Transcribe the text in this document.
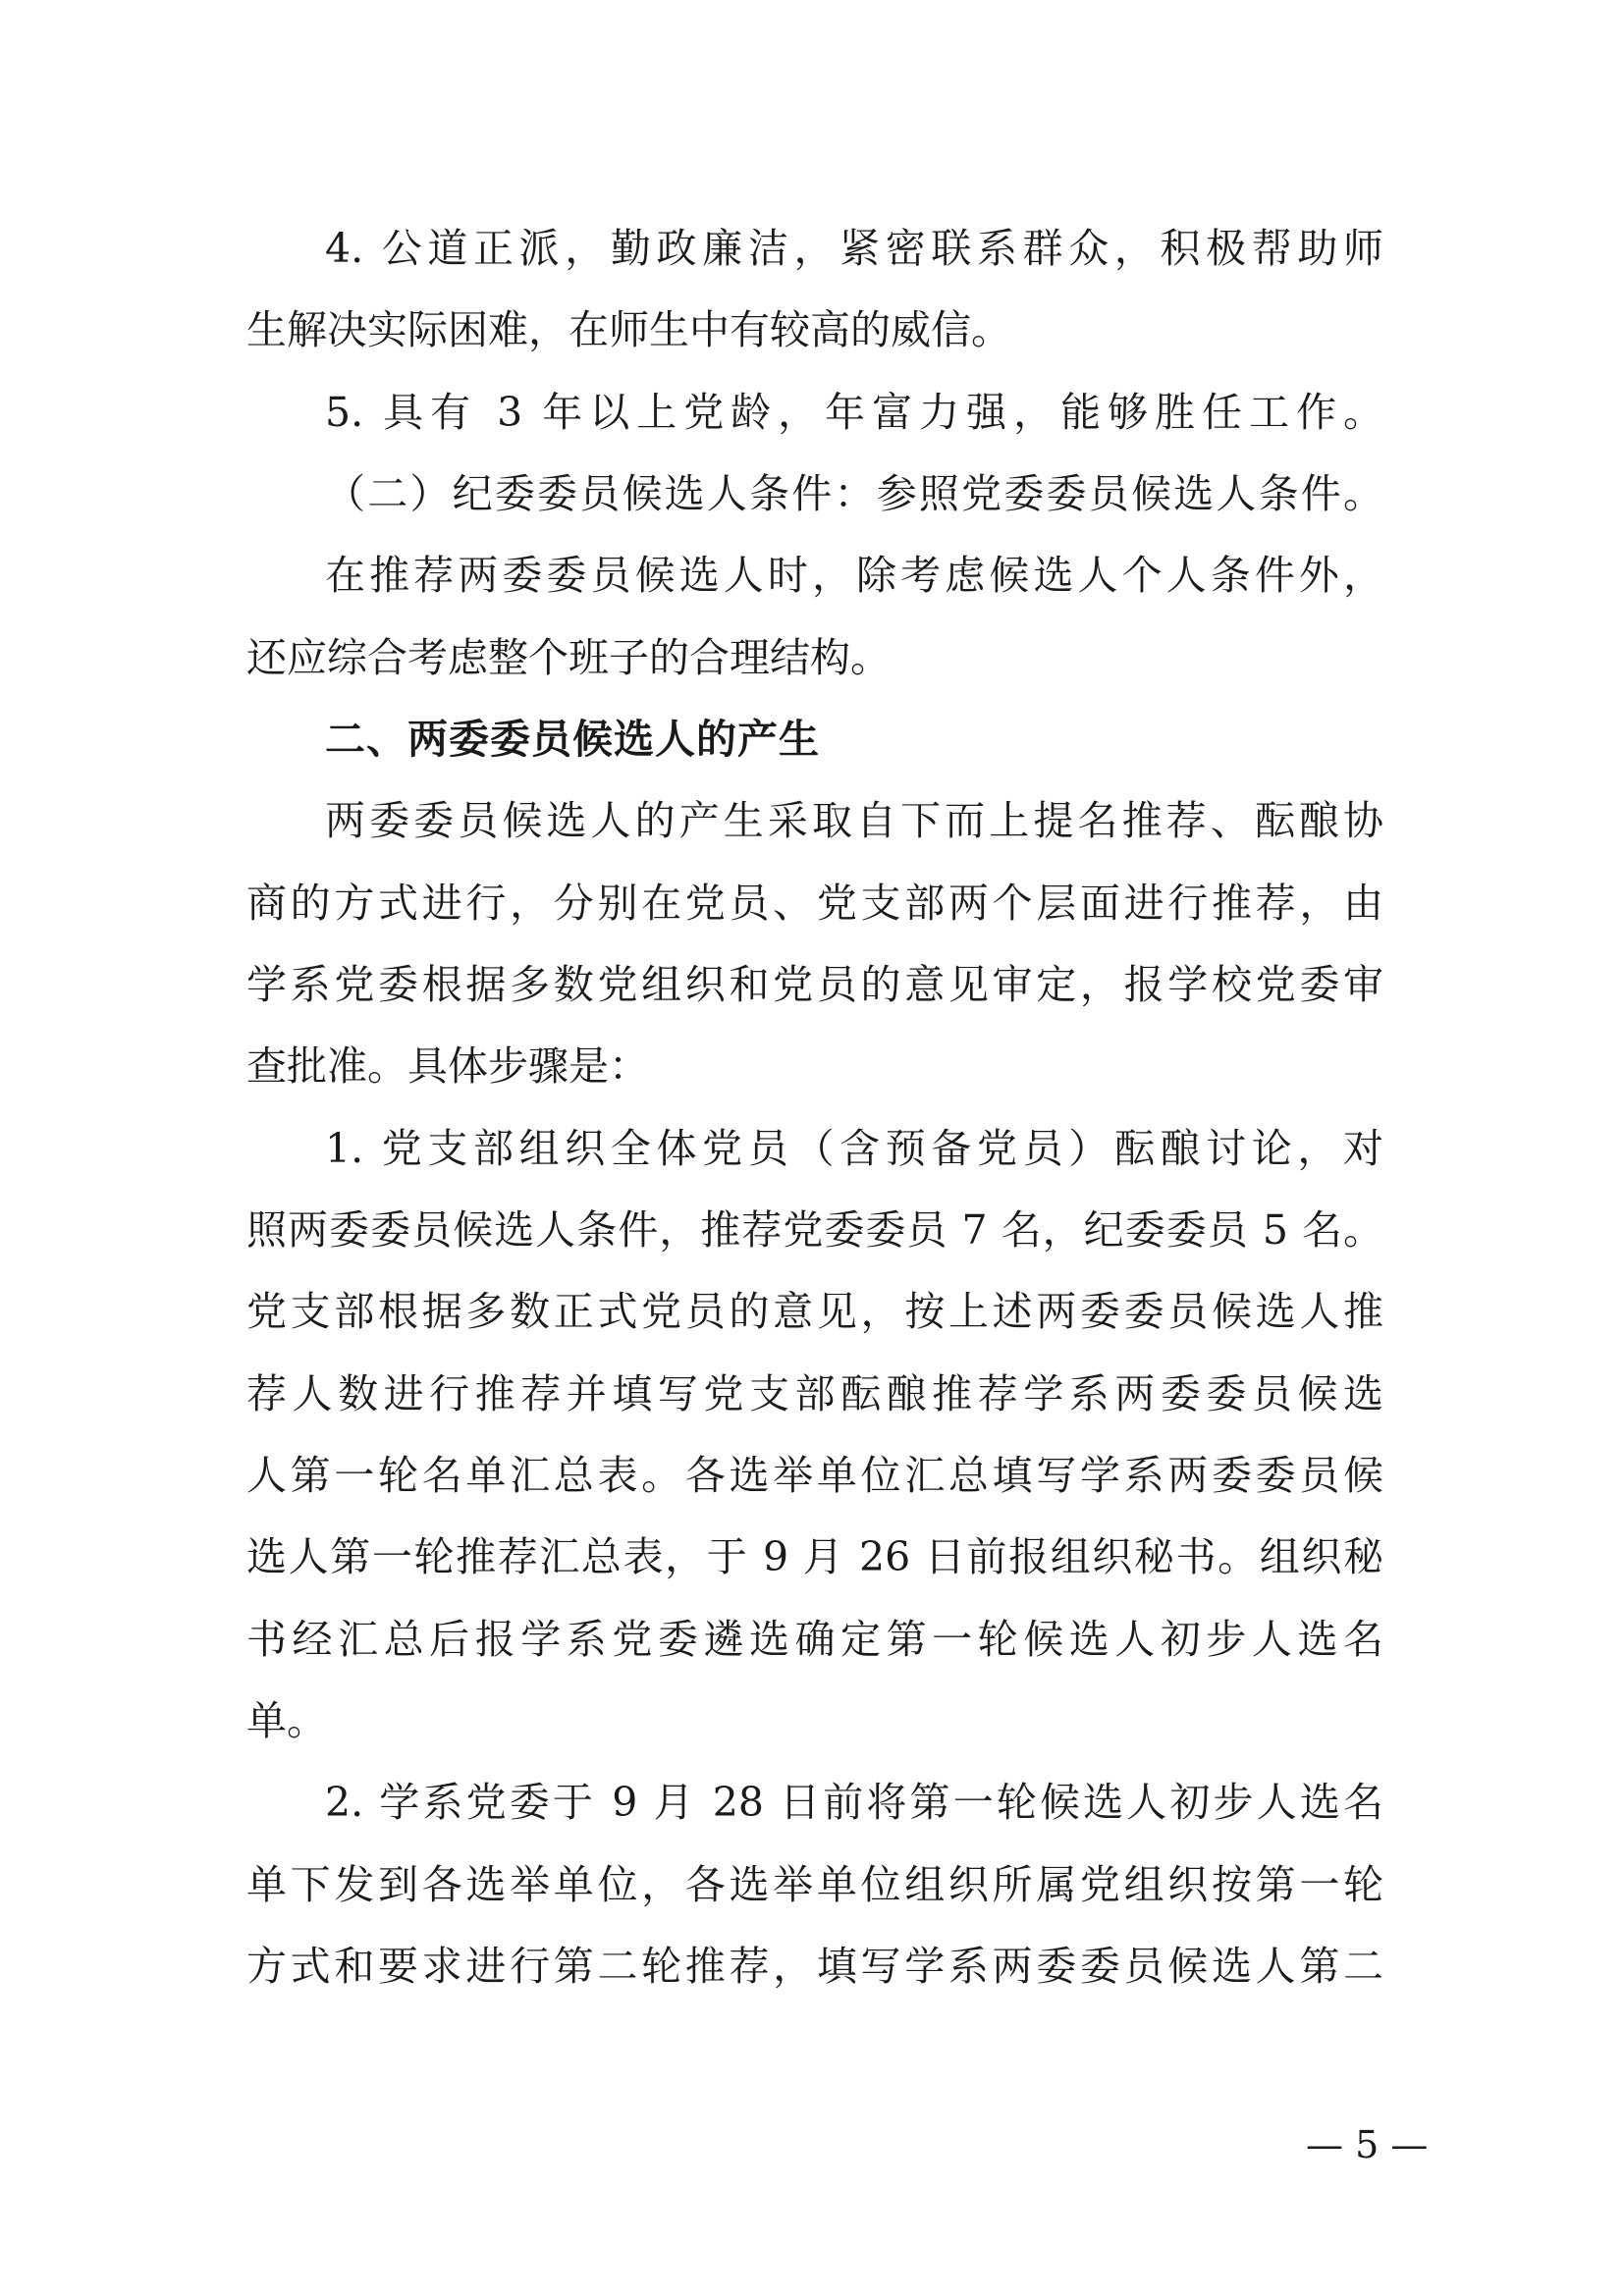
4. 公道正派，勤政廉洁，紧密联系群众，积极帮助师
生解决实际困难，在师生中有较高的威信。
5. 具有 3 年以上党龄，年富力强，能够胜任工作。
（二）纪委委员候选人条件：参照党委委员候选人条件。
在推荐两委委员候选人时，除考虑候选人个人条件外，
还应综合考虑整个班子的合理结构。
二、两委委员候选人的产生
两委委员候选人的产生采取自下而上提名推荐、酝酿协
商的方式进行，分别在党员、党支部两个层面进行推荐，由
学系党委根据多数党组织和党员的意见审定，报学校党委审
查批准。具体步骤是：
1. 党支部组织全体党员（含预备党员）酝酿讨论，对
照两委委员候选人条件，推荐党委委员 7 名，纪委委员 5 名。
党支部根据多数正式党员的意见，按上述两委委员候选人推
荐人数进行推荐并填写党支部酝酿推荐学系两委委员候选
人第一轮名单汇总表。各选举单位汇总填写学系两委委员候
选人第一轮推荐汇总表，于 9 月 26 日前报组织秘书。组织秘
书经汇总后报学系党委遴选确定第一轮候选人初步人选名
单。
2. 学系党委于 9 月 28 日前将第一轮候选人初步人选名
单下发到各选举单位，各选举单位组织所属党组织按第一轮
方式和要求进行第二轮推荐，填写学系两委委员候选人第二
— 5 —
